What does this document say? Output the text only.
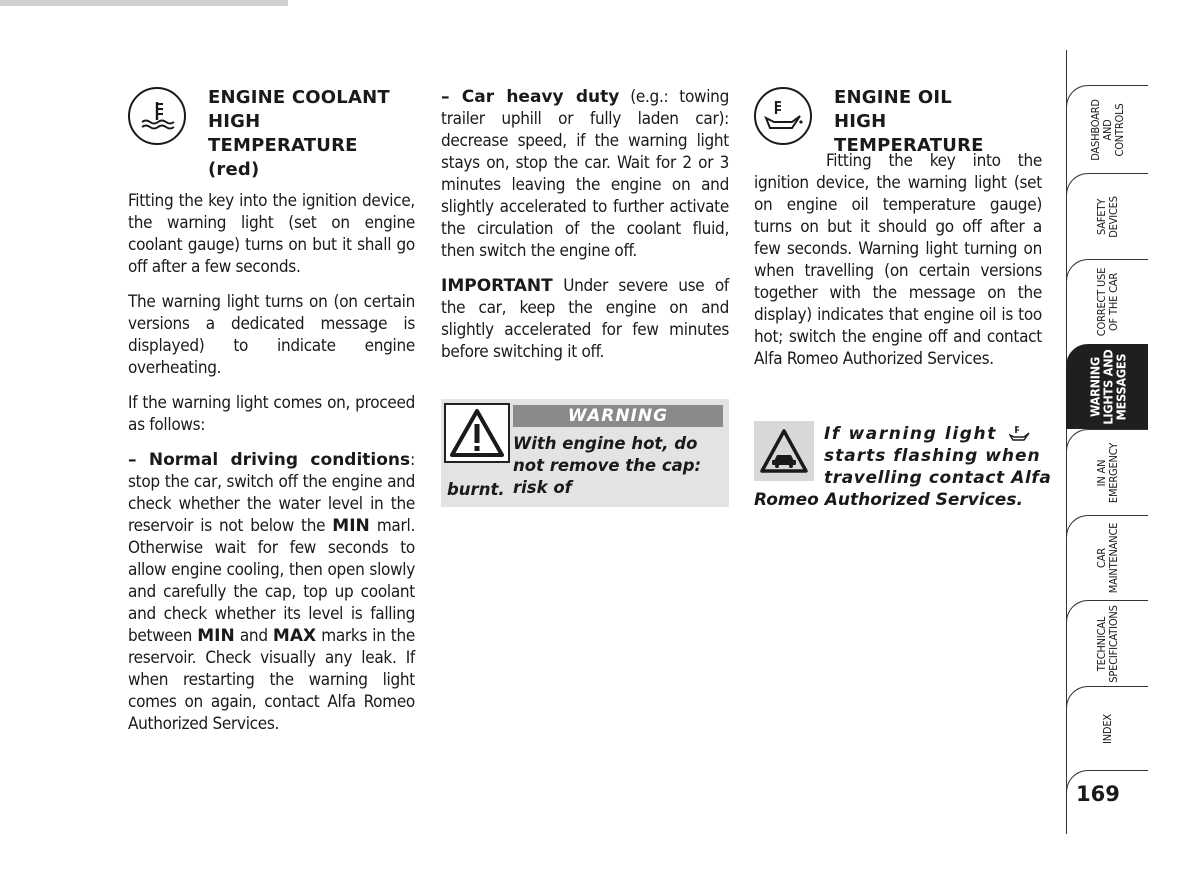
ENGINE COOLANT
HIGH TEMPERATURE
(red)

Fitting the key into the ignition device, the warning light (set on engine coolant gauge) turns on but it shall go off after a few seconds.

The warning light turns on (on certain versions a dedicated message is displayed) to indicate engine overheating.

If the warning light comes on, proceed as follows:

– Normal driving conditions: stop the car, switch off the engine and check whether the water level in the reservoir is not below the MIN marl. Otherwise wait for few seconds to allow engine cooling, then open slowly and carefully the cap, top up coolant and check whether its level is falling between MIN and MAX marks in the reservoir. Check visually any leak. If when restarting the warning light comes on again, contact Alfa Romeo Authorized Services.

– Car heavy duty (e.g.: towing trailer uphill or fully laden car): decrease speed, if the warning light stays on, stop the car. Wait for 2 or 3 minutes leaving the engine on and slightly accelerated to further activate the circulation of the coolant fluid, then switch the engine off.

IMPORTANT Under severe use of the car, keep the engine on and slightly accelerated for few minutes before switching it off.

WARNING
With engine hot, do not remove the cap: risk of
burnt.
ENGINE OIL
HIGH TEMPERATURE

Fitting the key into the ignition device, the warning light (set on engine oil temperature gauge) turns on but it should go off after a few seconds. Warning light turning on when travelling (on certain versions together with the message on the display) indicates that engine oil is too hot; switch the engine off and contact Alfa Romeo Authorized Services.

If warning light
starts flashing when
travelling contact Alfa
Romeo Authorized Services.
DASHBOARD
AND
CONTROLS
SAFETY
DEVICES
CORRECT USE
OF THE CAR
WARNING
LIGHTS AND
MESSAGES
IN AN
EMERGENCY
CAR
MAINTENANCE
TECHNICAL
SPECIFICATIONS
INDEX
169
